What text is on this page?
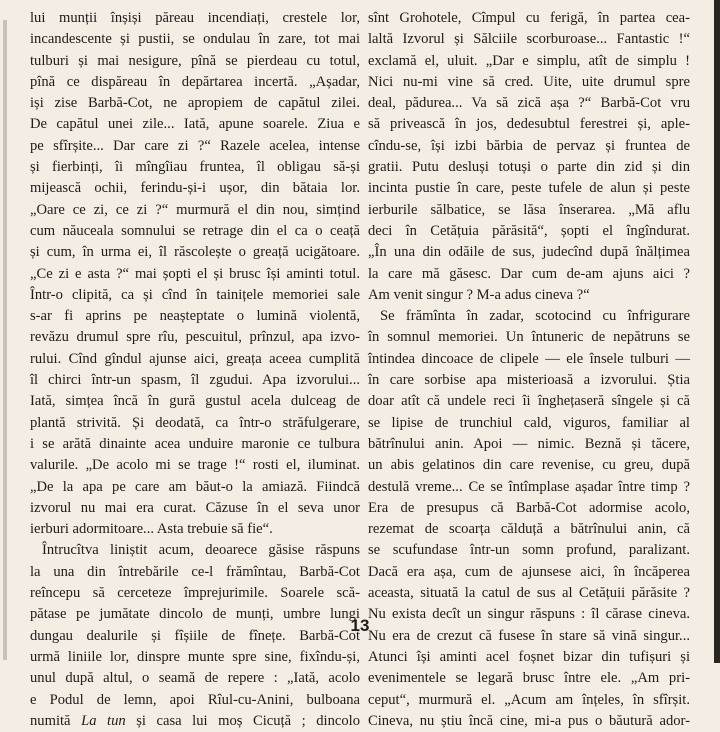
lui munții înșiși păreau incendiați, crestele lor,
incandescente și pustii, se ondulau în zare, tot mai
tulburi și mai nesigure, pînă se pierdeau cu totul,
pînă ce dispăreau în depărtarea incertă. „Așadar,
iși zise Barbă-Cot, ne apropiem de capătul zilei.
De capătul unei zile... Iată, apune soarele. Ziua e
pe sfîrșite... Dar care zi ?“ Razele acelea, intense
și fierbinți, îi mîngîiau fruntea, îl obligau să-și
mijească ochii, ferindu-și-i ușor, din bătaia lor.
„Oare ce zi, ce zi ?“ murmură el din nou, simțind
cum năuceala somnului se retrage din el ca o ceață
și cum, în urma ei, îl răscolește o greață ucigătoare.
„Ce zi e asta ?“ mai șopti el și brusc își aminti totul.
Într-o clipită, ca și cînd în tainițele memoriei sale
s-ar fi aprins pe neașteptate o lumină violentă,
revăzu drumul spre rîu, pescuitul, prînzul, apa izvo-
rului. Cînd gîndul ajunse aici, greața aceea cumplită
îl chirci într-un spasm, îl zgudui. Apa izvorului...
Iată, simțea încă în gură gustul acela dulceag de
plantă strivită. Și deodată, ca într-o străfulgerare,
i se arătă dinainte acea unduire maronie ce tulbura
valurile. „De acolo mi se trage !“ rosti el, iluminat.
„De la apa pe care am băut-o la amiază. Fiindcă
izvorul nu mai era curat. Căzuse în el seva unor
ierburi adormitoare... Asta trebuie să fie“.
Întrucîtva liniștit acum, deoarece găsise răspuns
la una din întrebările ce-l frămîntau, Barbă-Cot
reîncepu să cerceteze împrejurimile. Soarele scă-
pătase pe jumătate dincolo de munți, umbre lungi
dungau dealurile și fîșiile de fînețe. Barbă-Cot
urmă liniile lor, dinspre munte spre sine, fixîndu-și,
unul după altul, o seamă de repere : „Iată, acolo
e Podul de lemn, apoi Rîul-cu-Anini, bulboana
numită La tun și casa lui moș Cicuță ; dincolo
sînt Grohotele, Cîmpul cu ferigă, în partea cea-
laltă Izvorul și Sălciile scorburoase... Fantastic !“
exclamă el, uluit. „Dar e simplu, atît de simplu !
Nici nu-mi vine să cred. Uite, uite drumul spre
deal, pădurea... Va să zică așa ?“ Barbă-Cot vru
să privească în jos, dedesubtul ferestrei și, aple-
cîndu-se, își izbi bărbia de pervaz și fruntea de
gratii. Putu desluși totuși o parte din zid și din
incinta pustie în care, peste tufele de alun și peste
ierburile sălbatice, se lăsa înserarea. „Mă aflu
deci în Cetățuia părăsită“, șopti el îngîndurat.
„În una din odăile de sus, judecînd după înălțimea
la care mă găsesc. Dar cum de-am ajuns aici ?
Am venit singur ? M-a adus cineva ?“
Se frămînta în zadar, scotocind cu înfrigurare
în somnul memoriei. Un întuneric de nepătruns se
întindea dincoace de clipele — ele însele tulburi —
în care sorbise apa misterioasă a izvorului. Știa
doar atît că undele reci îi înghețaseră sîngele și că
se lipise de trunchiul cald, viguros, familiar al
bătrînului anin. Apoi — nimic. Beznă și tăcere,
un abis gelatinos din care revenise, cu greu, după
destulă vreme... Ce se întîmplase așadar între timp ?
Era de presupus că Barbă-Cot adormise acolo,
rezemat de scoarța călduță a bătrînului anin, că
se scufundase într-un somn profund, paralizant.
Dacă era așa, cum de ajunsese aici, în încăperea
aceasta, situată la catul de sus al Cetățuii părăsite ?
Nu exista decît un singur răspuns : îl cărase cineva.
Nu era de crezut că fusese în stare să vină singur...
Atunci își aminti acel foșnet bizar din tufișuri și
evenimentele se legară brusc între ele. „Am pri-
ceput“, murmură el. „Acum am înțeles, în sfîrșit.
Cineva, nu știu încă cine, mi-a pus o băutură ador-
13
